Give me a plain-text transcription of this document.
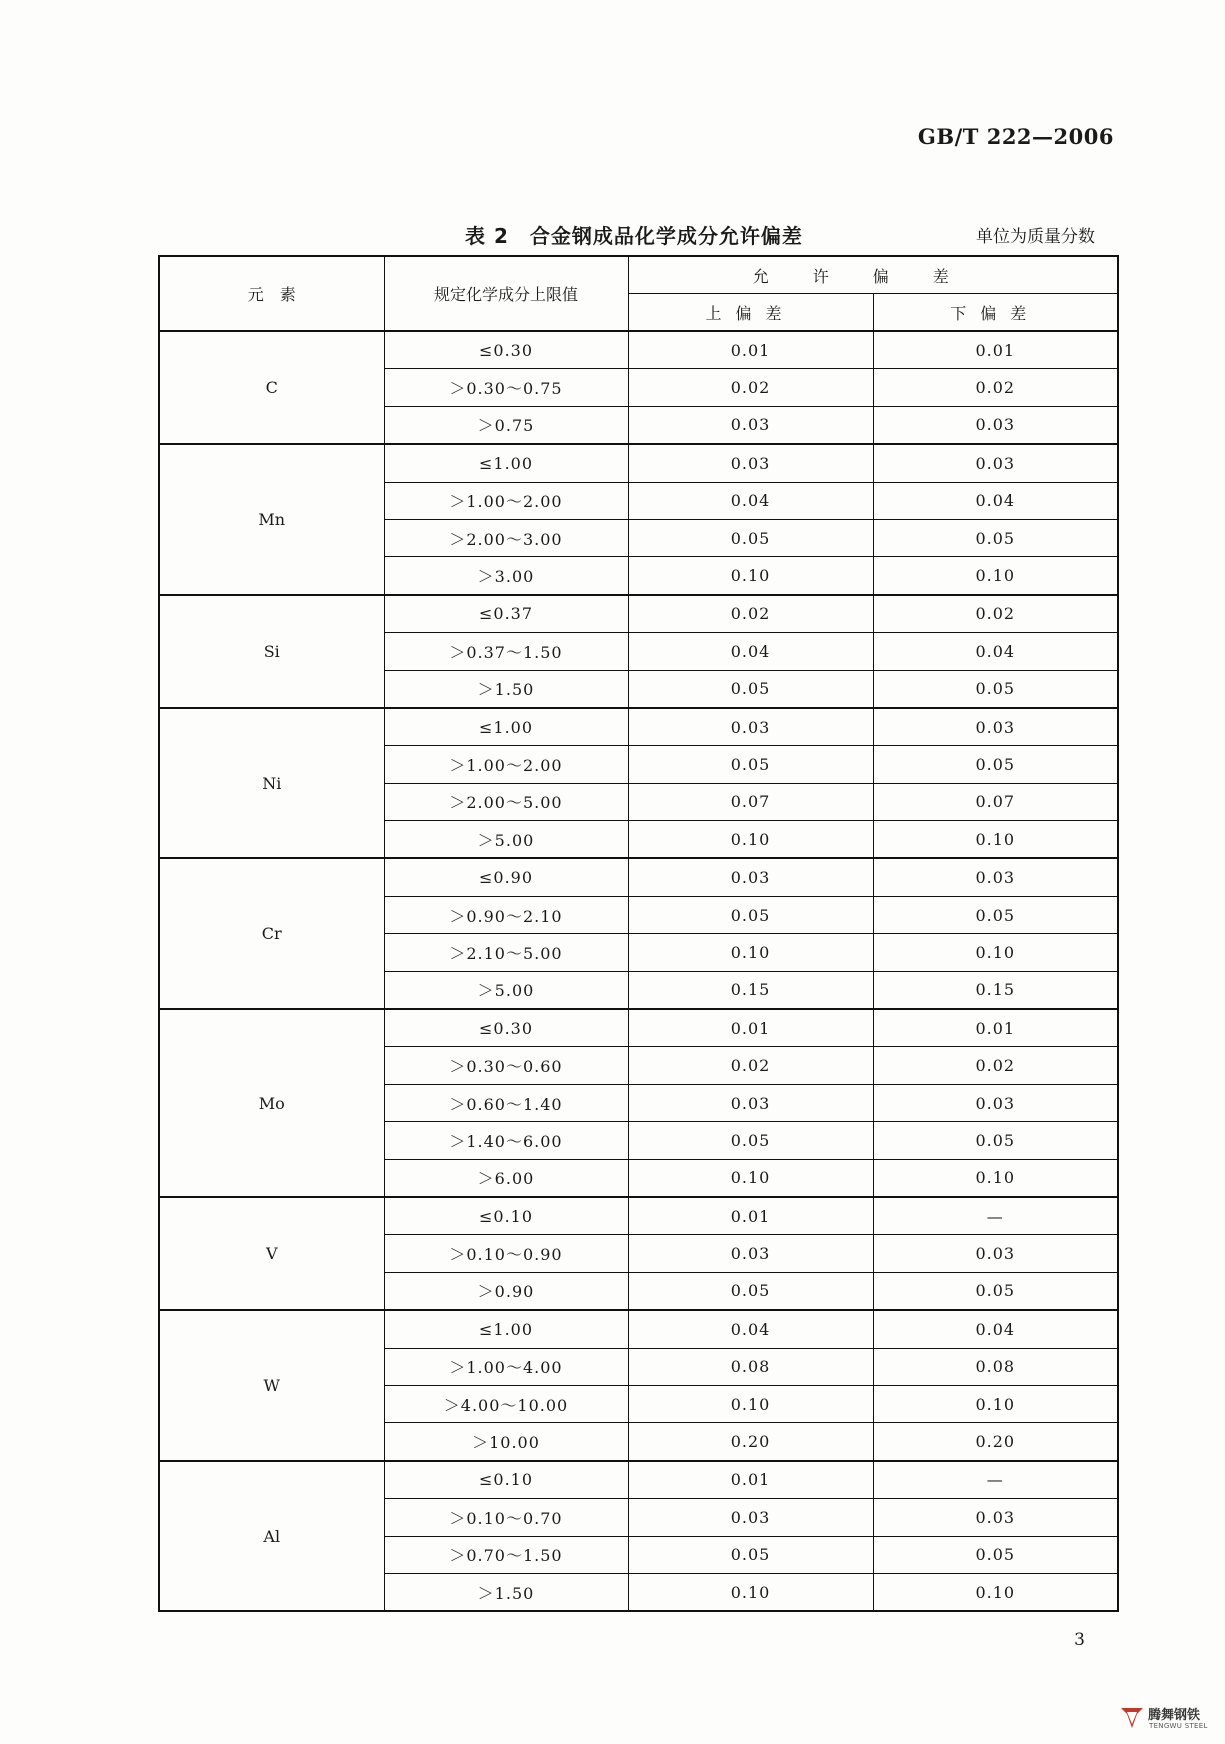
GB/T 222—2006
表 2　合金钢成品化学成分允许偏差	单位为质量分数
元　素	规定化学成分上限值	允许偏差	
		上偏差	下偏差
C	≤0.30	0.01	0.01
	＞0.30～0.75	0.02	0.02
	＞0.75	0.03	0.03
Mn	≤1.00	0.03	0.03
	＞1.00～2.00	0.04	0.04
	＞2.00～3.00	0.05	0.05
	＞3.00	0.10	0.10
Si	≤0.37	0.02	0.02
	＞0.37～1.50	0.04	0.04
	＞1.50	0.05	0.05
Ni	≤1.00	0.03	0.03
	＞1.00～2.00	0.05	0.05
	＞2.00～5.00	0.07	0.07
	＞5.00	0.10	0.10
Cr	≤0.90	0.03	0.03
	＞0.90～2.10	0.05	0.05
	＞2.10～5.00	0.10	0.10
	＞5.00	0.15	0.15
Mo	≤0.30	0.01	0.01
	＞0.30～0.60	0.02	0.02
	＞0.60～1.40	0.03	0.03
	＞1.40～6.00	0.05	0.05
	＞6.00	0.10	0.10
V	≤0.10	0.01	—
	＞0.10～0.90	0.03	0.03
	＞0.90	0.05	0.05
W	≤1.00	0.04	0.04
	＞1.00～4.00	0.08	0.08
	＞4.00～10.00	0.10	0.10
	＞10.00	0.20	0.20
Al	≤0.10	0.01	—
	＞0.10～0.70	0.03	0.03
	＞0.70～1.50	0.05	0.05
	＞1.50	0.10	0.10
3
腾舞钢铁
TENGWU STEEL
